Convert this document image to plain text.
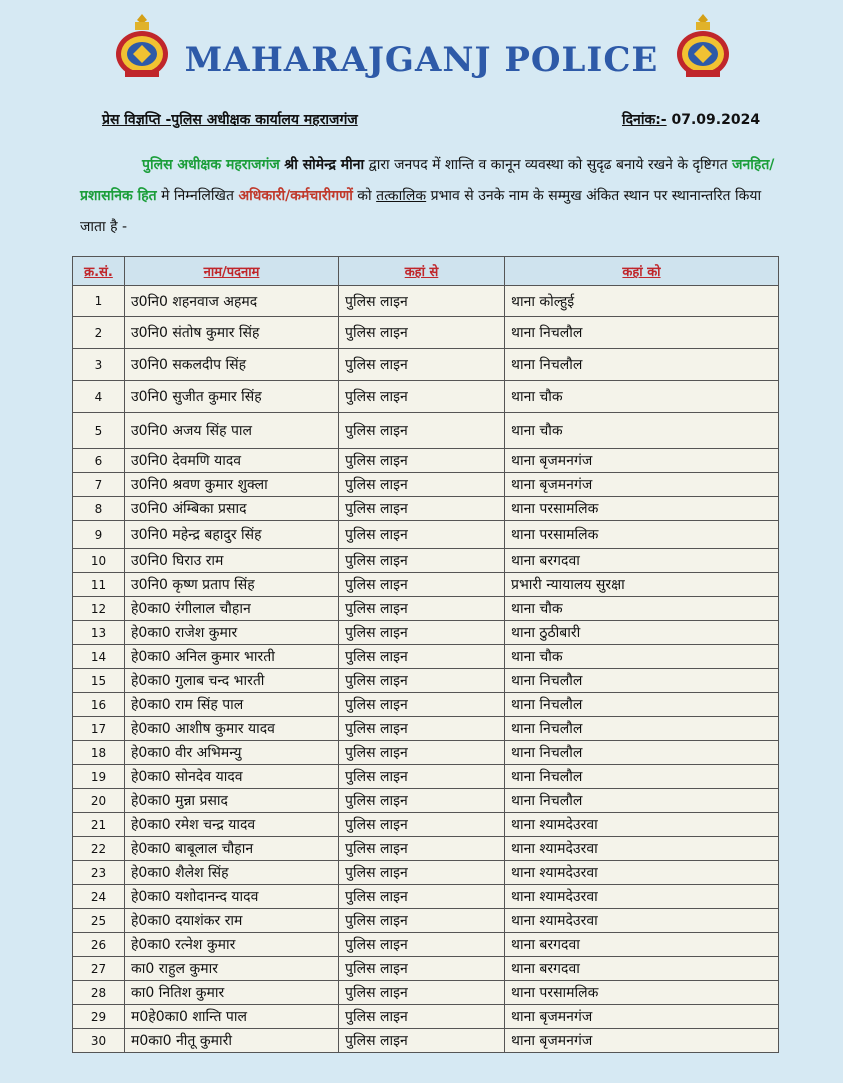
MAHARAJGANJ POLICE
प्रेस विज्ञप्ति -पुलिस अधीक्षक कार्यालय महराजगंज	दिनांक:- 07.09.2024
पुलिस अधीक्षक महराजगंज श्री सोमेन्द्र मीना द्वारा जनपद में शान्ति व कानून व्यवस्था को सुदृढ बनाये रखने के दृष्टिगत जनहित/प्रशासनिक हित मे निम्नलिखित अधिकारी/कर्मचारीगणों को तत्कालिक प्रभाव से उनके नाम के सम्मुख अंकित स्थान पर स्थानान्तरित किया जाता है -
क्र.सं.	नाम/पदनाम	कहां से	कहां को
1	उ0नि0 शहनवाज अहमद	पुलिस लाइन	थाना कोल्हुई
2	उ0नि0 संतोष कुमार सिंह	पुलिस लाइन	थाना निचलौल
3	उ0नि0 सकलदीप सिंह	पुलिस लाइन	थाना निचलौल
4	उ0नि0 सुजीत कुमार सिंह	पुलिस लाइन	थाना चौक
5	उ0नि0 अजय सिंह पाल	पुलिस लाइन	थाना चौक
6	उ0नि0 देवमणि यादव	पुलिस लाइन	थाना बृजमनगंज
7	उ0नि0 श्रवण कुमार शुक्ला	पुलिस लाइन	थाना बृजमनगंज
8	उ0नि0 अंम्बिका प्रसाद	पुलिस लाइन	थाना परसामलिक
9	उ0नि0 महेन्द्र बहादुर सिंह	पुलिस लाइन	थाना परसामलिक
10	उ0नि0 घिराउ राम	पुलिस लाइन	थाना बरगदवा
11	उ0नि0 कृष्ण प्रताप सिंह	पुलिस लाइन	प्रभारी न्यायालय सुरक्षा
12	हे0का0 रंगीलाल चौहान	पुलिस लाइन	थाना चौक
13	हे0का0 राजेश कुमार	पुलिस लाइन	थाना ठुठीबारी
14	हे0का0 अनिल कुमार भारती	पुलिस लाइन	थाना चौक
15	हे0का0 गुलाब चन्द भारती	पुलिस लाइन	थाना निचलौल
16	हे0का0 राम सिंह पाल	पुलिस लाइन	थाना निचलौल
17	हे0का0 आशीष कुमार यादव	पुलिस लाइन	थाना निचलौल
18	हे0का0 वीर अभिमन्यु	पुलिस लाइन	थाना निचलौल
19	हे0का0 सोनदेव यादव	पुलिस लाइन	थाना निचलौल
20	हे0का0 मुन्ना प्रसाद	पुलिस लाइन	थाना निचलौल
21	हे0का0 रमेश चन्द्र यादव	पुलिस लाइन	थाना श्यामदेउरवा
22	हे0का0 बाबूलाल चौहान	पुलिस लाइन	थाना श्यामदेउरवा
23	हे0का0 शैलेश सिंह	पुलिस लाइन	थाना श्यामदेउरवा
24	हे0का0 यशोदानन्द यादव	पुलिस लाइन	थाना श्यामदेउरवा
25	हे0का0 दयाशंकर राम	पुलिस लाइन	थाना श्यामदेउरवा
26	हे0का0 रत्नेश कुमार	पुलिस लाइन	थाना बरगदवा
27	का0 राहुल कुमार	पुलिस लाइन	थाना बरगदवा
28	का0 नितिश कुमार	पुलिस लाइन	थाना परसामलिक
29	म0हे0का0 शान्ति पाल	पुलिस लाइन	थाना बृजमनगंज
30	म0का0 नीतू कुमारी	पुलिस लाइन	थाना बृजमनगंज
